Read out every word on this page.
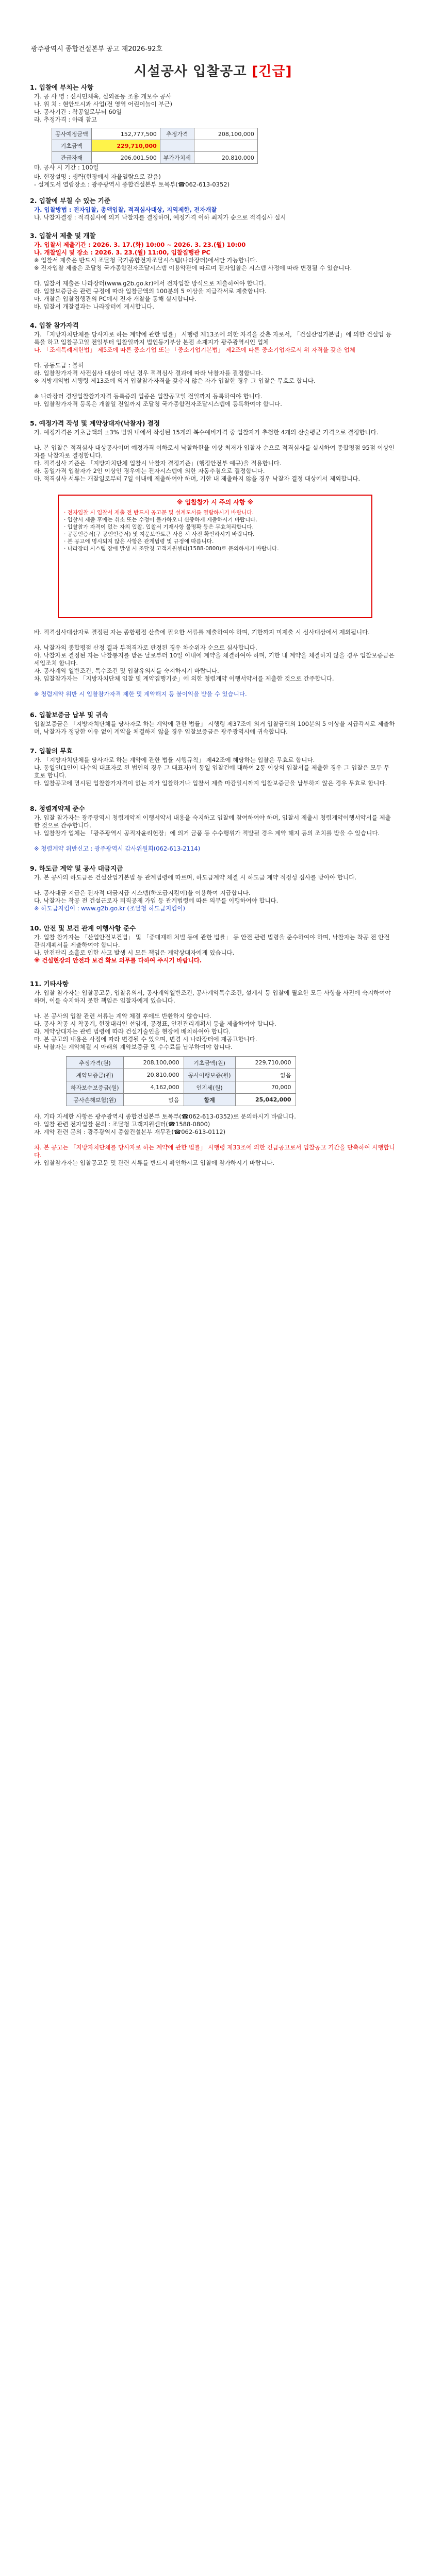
광주광역시 종합건설본부 공고 제2026-92호
시설공사 입찰공고 [긴급]
1. 입찰에 부치는 사항
가. 공 사 명 : 신시민체육, 실외운동 조용 개보수 공사
나. 위 치 : 현안도시과 사업(전 영역 어린이놀이 부근)
다. 공사기간 : 착공일로부터 60일
라. 추정가격 : 아래 참고
공사예정금액	152,777,500	추정가격	208,100,000
기초금액	229,710,000		
관급자재	206,001,500	부가가치세	20,810,000
마. 공사 시 기간 : 100일
바. 현장설명 : 생략(현장에서 자율열람으로 갈음)
- 설계도서 열람장소 : 광주광역시 종합건설본부 토목부(☎062-613-0352)
2. 입찰에 부칠 수 있는 기준
가. 입찰방법 : 전자입찰, 총액입찰, 적격심사대상, 지역제한, 전자개찰
나. 낙찰자결정 : 적격심사에 의거 낙찰자를 결정하며, 예정가격 이하 최저가 순으로 적격심사 실시
3. 입찰서 제출 및 개찰
가. 입찰서 제출기간 : 2026. 3. 17.(화) 10:00 ~ 2026. 3. 23.(월) 10:00
나. 개찰일시 및 장소 : 2026. 3. 23.(월) 11:00, 입찰집행관 PC
※ 입찰서 제출은 반드시 조달청 국가종합전자조달시스템(나라장터)에서만 가능합니다.
※ 전자입찰 제출은 조달청 국가종합전자조달시스템 이용약관에 따르며 전자입찰은 시스템 사정에 따라 변경될 수 있습니다.
다. 입찰서 제출은 나라장터(www.g2b.go.kr)에서 전자입찰 방식으로 제출하여야 합니다.
라. 입찰보증금은 관련 규정에 따라 입찰금액의 100분의 5 이상을 지급각서로 제출합니다.
마. 개찰은 입찰집행관의 PC에서 전자 개찰을 통해 실시합니다.
바. 입찰서 개찰결과는 나라장터에 게시합니다.
4. 입찰 참가자격
가. 「지방자치단체를 당사자로 하는 계약에 관한 법률」 시행령 제13조에 의한 자격을 갖춘 자로서, 「건설산업기본법」에 의한 건설업 등록을 하고 입찰공고일 전일부터 입찰일까지 법인등기부상 본점 소재지가 광주광역시인 업체
나. 「조세특례제한법」 제5조에 따른 중소기업 또는 「중소기업기본법」 제2조에 따른 중소기업자로서 위 자격을 갖춘 업체
다. 공동도급 : 불허
라. 입찰참가자격 사전심사 대상이 아닌 경우 적격심사 결과에 따라 낙찰자를 결정합니다.
※ 지방계약법 시행령 제13조에 의거 입찰참가자격을 갖추지 않은 자가 입찰한 경우 그 입찰은 무효로 합니다.
※ 나라장터 경쟁입찰참가자격 등록증의 업종은 입찰공고일 전일까지 등록하여야 합니다.
마. 입찰참가자격 등록은 개찰일 전일까지 조달청 국가종합전자조달시스템에 등록하여야 합니다.
5. 예정가격 작성 및 계약상대자(낙찰자) 결정
가. 예정가격은 기초금액의 ±3% 범위 내에서 작성된 15개의 복수예비가격 중 입찰자가 추첨한 4개의 산술평균 가격으로 결정합니다.
나. 본 입찰은 적격심사 대상공사이며 예정가격 이하로서 낙찰하한율 이상 최저가 입찰자 순으로 적격심사를 실시하여 종합평점 95점 이상인 자를 낙찰자로 결정합니다.
다. 적격심사 기준은 「지방자치단체 입찰시 낙찰자 결정기준」(행정안전부 예규)을 적용합니다.
라. 동일가격 입찰자가 2인 이상인 경우에는 전자시스템에 의한 자동추첨으로 결정합니다.
마. 적격심사 서류는 개찰일로부터 7일 이내에 제출하여야 하며, 기한 내 제출하지 않을 경우 낙찰자 결정 대상에서 제외합니다.
※ 입찰참가 시 주의 사항 ※
· 전자입찰 시 입찰서 제출 전 반드시 공고문 및 설계도서를 열람하시기 바랍니다.
· 입찰서 제출 후에는 취소 또는 수정이 불가하오니 신중하게 제출하시기 바랍니다.
· 입찰참가 자격이 없는 자의 입찰, 입찰서 기재사항 불명확 등은 무효처리합니다.
· 공동인증서(구 공인인증서) 및 지문보안토큰 사용 시 사전 확인하시기 바랍니다.
· 본 공고에 명시되지 않은 사항은 관계법령 및 규정에 따릅니다.
· 나라장터 시스템 장애 발생 시 조달청 고객지원센터(1588-0800)로 문의하시기 바랍니다.
바. 적격심사대상자로 결정된 자는 종합평점 산출에 필요한 서류를 제출하여야 하며, 기한까지 미제출 시 심사대상에서 제외됩니다.
사. 낙찰자의 종합평점 산정 결과 부적격자로 판정된 경우 차순위자 순으로 심사합니다.
아. 낙찰자로 결정된 자는 낙찰통지를 받은 날로부터 10일 이내에 계약을 체결하여야 하며, 기한 내 계약을 체결하지 않을 경우 입찰보증금은 세입조치 합니다.
자. 공사계약 일반조건, 특수조건 및 입찰유의서를 숙지하시기 바랍니다.
차. 입찰참가자는 「지방자치단체 입찰 및 계약집행기준」에 의한 청렴계약 이행서약서를 제출한 것으로 간주합니다.
※ 청렴계약 위반 시 입찰참가자격 제한 및 계약해지 등 불이익을 받을 수 있습니다.
6. 입찰보증금 납부 및 귀속
입찰보증금은 「지방자치단체를 당사자로 하는 계약에 관한 법률」 시행령 제37조에 의거 입찰금액의 100분의 5 이상을 지급각서로 제출하며, 낙찰자가 정당한 이유 없이 계약을 체결하지 않을 경우 입찰보증금은 광주광역시에 귀속합니다.
7. 입찰의 무효
가. 「지방자치단체를 당사자로 하는 계약에 관한 법률 시행규칙」 제42조에 해당하는 입찰은 무효로 합니다.
나. 동일인(1인이 다수의 대표자로 된 법인의 경우 그 대표자)이 동일 입찰건에 대하여 2통 이상의 입찰서를 제출한 경우 그 입찰은 모두 무효로 합니다.
다. 입찰공고에 명시된 입찰참가자격이 없는 자가 입찰하거나 입찰서 제출 마감일시까지 입찰보증금을 납부하지 않은 경우 무효로 합니다.
8. 청렴계약제 준수
가. 입찰 참가자는 광주광역시 청렴계약제 이행서약서 내용을 숙지하고 입찰에 참여하여야 하며, 입찰서 제출시 청렴계약이행서약서를 제출한 것으로 간주합니다.
나. 입찰참가 업체는 「광주광역시 공직자윤리헌장」에 의거 금품 등 수수행위가 적발될 경우 계약 해지 등의 조치를 받을 수 있습니다.
※ 청렴계약 위반신고 : 광주광역시 감사위원회(062-613-2114)
9. 하도급 계약 및 공사 대금지급
가. 본 공사의 하도급은 건설산업기본법 등 관계법령에 따르며, 하도급계약 체결 시 하도급 계약 적정성 심사를 받아야 합니다.
나. 공사대금 지급은 전자적 대금지급 시스템(하도급지킴이)을 이용하여 지급합니다.
다. 낙찰자는 착공 전 건설근로자 퇴직공제 가입 등 관계법령에 따른 의무를 이행하여야 합니다.
※ 하도급지킴이 : www.g2b.go.kr (조달청 하도급지킴이)
10. 안전 및 보건 관계 이행사항 준수
가. 입찰 참가자는 「산업안전보건법」 및 「중대재해 처벌 등에 관한 법률」 등 안전 관련 법령을 준수하여야 하며, 낙찰자는 착공 전 안전관리계획서를 제출하여야 합니다.
나. 안전관리 소홀로 인한 사고 발생 시 모든 책임은 계약상대자에게 있습니다.
※ 건설현장의 안전과 보건 확보 의무를 다하여 주시기 바랍니다.
11. 기타사항
가. 입찰 참가자는 입찰공고문, 입찰유의서, 공사계약일반조건, 공사계약특수조건, 설계서 등 입찰에 필요한 모든 사항을 사전에 숙지하여야 하며, 이를 숙지하지 못한 책임은 입찰자에게 있습니다.
나. 본 공사의 입찰 관련 서류는 계약 체결 후에도 반환하지 않습니다.
다. 공사 착공 시 착공계, 현장대리인 선임계, 공정표, 안전관리계획서 등을 제출하여야 합니다.
라. 계약상대자는 관련 법령에 따라 건설기술인을 현장에 배치하여야 합니다.
마. 본 공고의 내용은 사정에 따라 변경될 수 있으며, 변경 시 나라장터에 재공고합니다.
바. 낙찰자는 계약체결 시 아래의 계약보증금 및 수수료를 납부하여야 합니다.
추정가격(원)	208,100,000	기초금액(원)	229,710,000
계약보증금(원)	20,810,000	공사이행보증(원)	없음
하자보수보증금(원)	4,162,000	인지세(원)	70,000
공사손해보험(원)	없음	합계	25,042,000
사. 기타 자세한 사항은 광주광역시 종합건설본부 토목부(☎062-613-0352)로 문의하시기 바랍니다.
아. 입찰 관련 전자입찰 문의 : 조달청 고객지원센터(☎1588-0800)
자. 계약 관련 문의 : 광주광역시 종합건설본부 재무관(☎062-613-0112)
차. 본 공고는 「지방자치단체를 당사자로 하는 계약에 관한 법률」 시행령 제33조에 의한 긴급공고로서 입찰공고 기간을 단축하여 시행합니다.
카. 입찰참가자는 입찰공고문 및 관련 서류를 반드시 확인하시고 입찰에 참가하시기 바랍니다.
